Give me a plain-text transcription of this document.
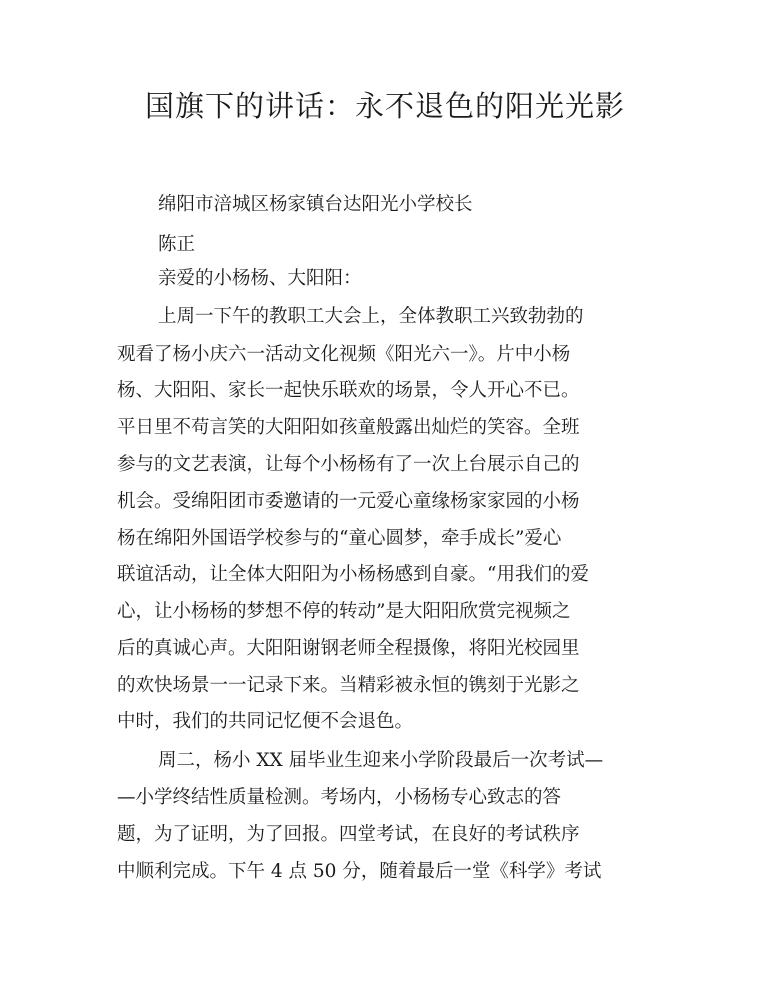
国旗下的讲话：永不退色的阳光光影

绵阳市涪城区杨家镇台达阳光小学校长

陈正

亲爱的小杨杨、大阳阳：

上周一下午的教职工大会上，全体教职工兴致勃勃的

观看了杨小庆六一活动文化视频《阳光六一》。片中小杨

杨、大阳阳、家长一起快乐联欢的场景，令人开心不已。

平日里不苟言笑的大阳阳如孩童般露出灿烂的笑容。全班

参与的文艺表演，让每个小杨杨有了一次上台展示自己的

机会。受绵阳团市委邀请的一元爱心童缘杨家家园的小杨

杨在绵阳外国语学校参与的“童心圆梦，牵手成长”爱心

联谊活动，让全体大阳阳为小杨杨感到自豪。“用我们的爱

心，让小杨杨的梦想不停的转动”是大阳阳欣赏完视频之

后的真诚心声。大阳阳谢钢老师全程摄像，将阳光校园里

的欢快场景一一记录下来。当精彩被永恒的镌刻于光影之

中时，我们的共同记忆便不会退色。

周二，杨小 XX 届毕业生迎来小学阶段最后一次考试—

—小学终结性质量检测。考场内，小杨杨专心致志的答

题，为了证明，为了回报。四堂考试，在良好的考试秩序

中顺利完成。下午 4 点 50 分，随着最后一堂《科学》考试
